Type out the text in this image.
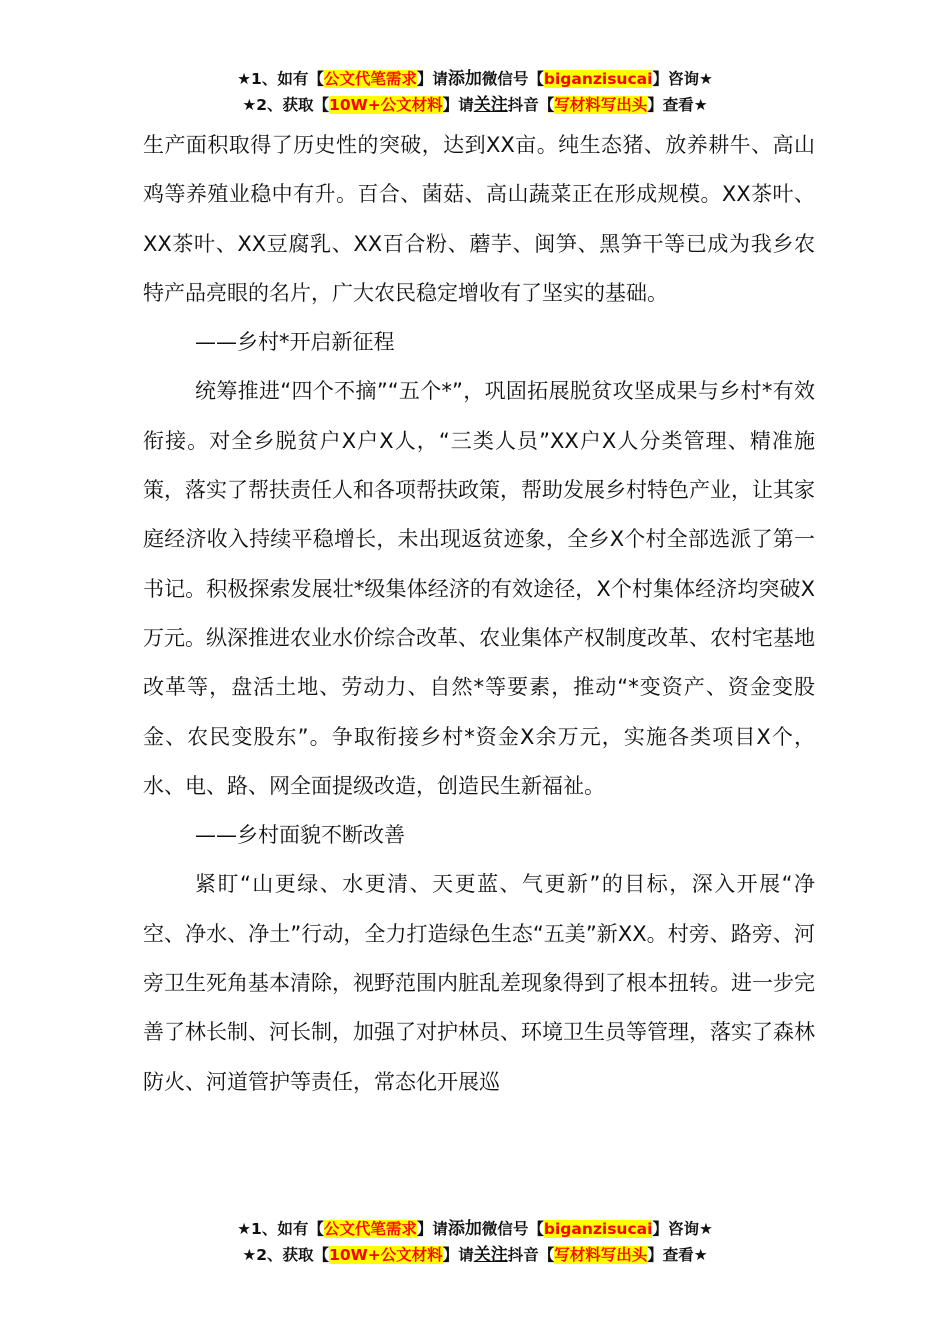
★1、如有【公文代笔需求】请添加微信号【biganzisucai】咨询★
★2、获取【10W+公文材料】请关注抖音【写材料写出头】查看★

生产面积取得了历史性的突破，达到XX亩。纯生态猪、放养耕牛、高山鸡等养殖业稳中有升。百合、菌菇、高山蔬菜正在形成规模。XX茶叶、XX茶叶、XX豆腐乳、XX百合粉、蘑芋、闽笋、黑笋干等已成为我乡农特产品亮眼的名片，广大农民稳定增收有了坚实的基础。

——乡村*开启新征程

统筹推进“四个不摘”“五个*”，巩固拓展脱贫攻坚成果与乡村*有效衔接。对全乡脱贫户X户X人，“三类人员”XX户X人分类管理、精准施策，落实了帮扶责任人和各项帮扶政策，帮助发展乡村特色产业，让其家庭经济收入持续平稳增长，未出现返贫迹象，全乡X个村全部选派了第一书记。积极探索发展壮*级集体经济的有效途径，X个村集体经济均突破X万元。纵深推进农业水价综合改革、农业集体产权制度改革、农村宅基地改革等，盘活土地、劳动力、自然*等要素，推动“*变资产、资金变股金、农民变股东”。争取衔接乡村*资金X余万元，实施各类项目X个，水、电、路、网全面提级改造，创造民生新福祉。

——乡村面貌不断改善

紧盯“山更绿、水更清、天更蓝、气更新”的目标，深入开展“净空、净水、净土”行动，全力打造绿色生态“五美”新XX。村旁、路旁、河旁卫生死角基本清除，视野范围内脏乱差现象得到了根本扭转。进一步完善了林长制、河长制，加强了对护林员、环境卫生员等管理，落实了森林防火、河道管护等责任，常态化开展巡

★1、如有【公文代笔需求】请添加微信号【biganzisucai】咨询★
★2、获取【10W+公文材料】请关注抖音【写材料写出头】查看★
